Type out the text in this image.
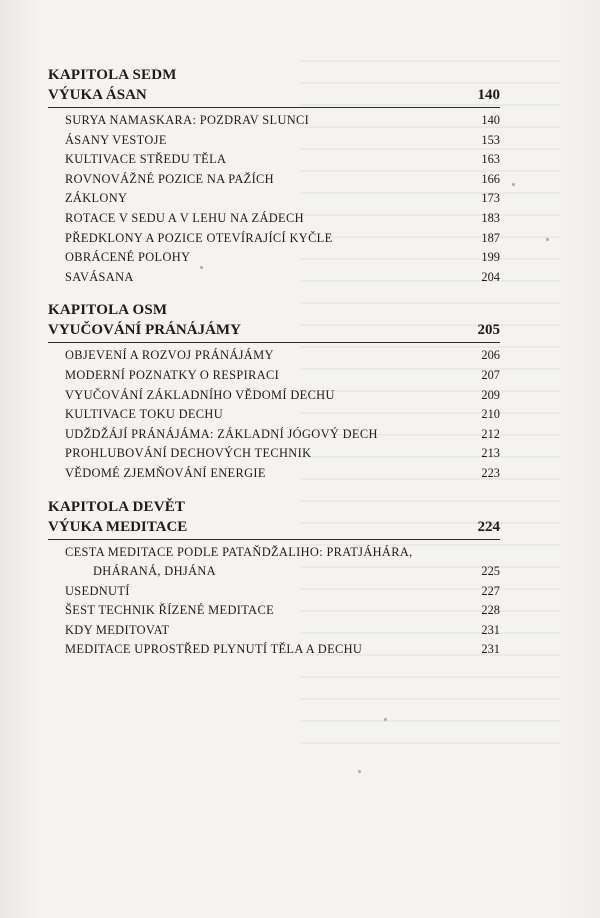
KAPITOLA SEDM
VÝUKA ÁSAN	140
SURYA NAMASKARA: POZDRAV SLUNCI	140
ÁSANY VESTOJE	153
KULTIVACE STŘEDU TĚLA	163
ROVNOVÁŽNÉ POZICE NA PAŽÍCH	166
ZÁKLONY	173
ROTACE V SEDU A V LEHU NA ZÁDECH	183
PŘEDKLONY A POZICE OTEVÍRAJÍCÍ KYČLE	187
OBRÁCENÉ POLOHY	199
SAVÁSANA	204
KAPITOLA OSM
VYUČOVÁNÍ PRÁNÁJÁMY	205
OBJEVENÍ A ROZVOJ PRÁNÁJÁMY	206
MODERNÍ POZNATKY O RESPIRACI	207
VYUČOVÁNÍ ZÁKLADNÍHO VĚDOMÍ DECHU	209
KULTIVACE TOKU DECHU	210
UDŽDŽÁJÍ PRÁNÁJÁMA: ZÁKLADNÍ JÓGOVÝ DECH	212
PROHLUBOVÁNÍ DECHOVÝCH TECHNIK	213
VĚDOMÉ ZJEMŇOVÁNÍ ENERGIE	223
KAPITOLA DEVĚT
VÝUKA MEDITACE	224
CESTA MEDITACE PODLE PATAŇDŽALIHO: PRATJÁHÁRA,
DHÁRANÁ, DHJÁNA	225
USEDNUTÍ	227
ŠEST TECHNIK ŘÍZENÉ MEDITACE	228
KDY MEDITOVAT	231
MEDITACE UPROSTŘED PLYNUTÍ TĚLA A DECHU	231
